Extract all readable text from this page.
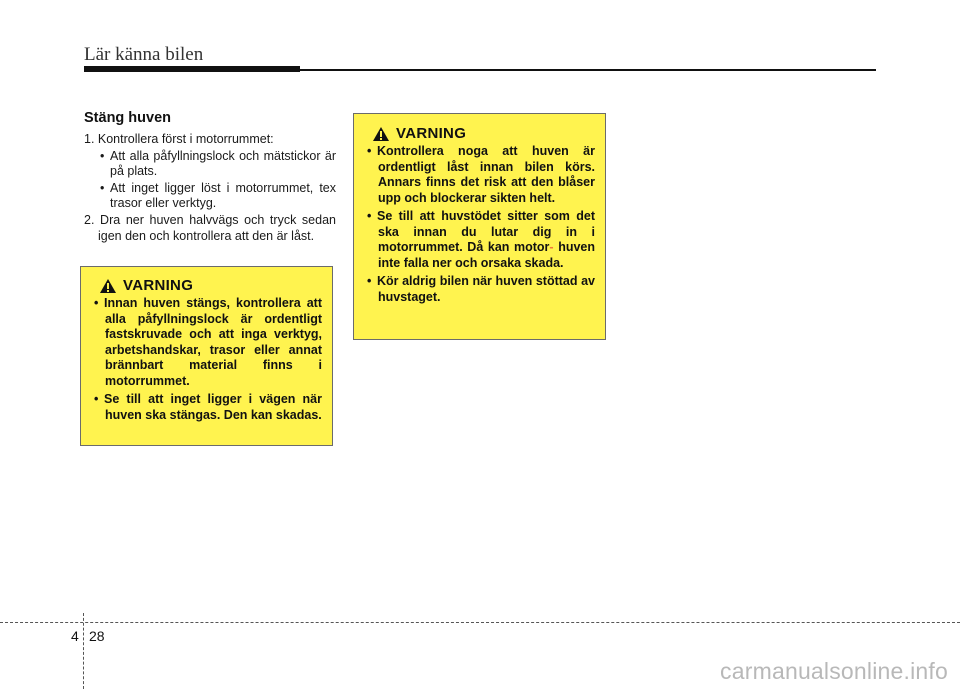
Lär känna bilen
Stäng huven

1. Kontrollera först i motorrummet:

• Att alla påfyllningslock och mätstickor är på plats.

• Att inget ligger löst i motorrummet, tex trasor eller verktyg.

2. Dra ner huven halvvägs och tryck sedan igen den och kontrollera att den är låst.

VARNING

• Innan huven stängs, kontrollera att alla påfyllningslock är ordentligt fastskruvade och att inga verktyg, arbetshandskar, trasor eller annat brännbart material finns i motorrummet.

• Se till att inget ligger i vägen när huven ska stängas. Den kan skadas.

VARNING

• Kontrollera noga att huven är ordentligt låst innan bilen körs. Annars finns det risk att den blåser upp och blockerar sikten helt.

• Se till att huvstödet sitter som det ska innan du lutar dig in i motorrummet. Då kan motor- huven inte falla ner och orsaka skada.

• Kör aldrig bilen när huven stöttad av huvstaget.

4 28
carmanualsonline.info
